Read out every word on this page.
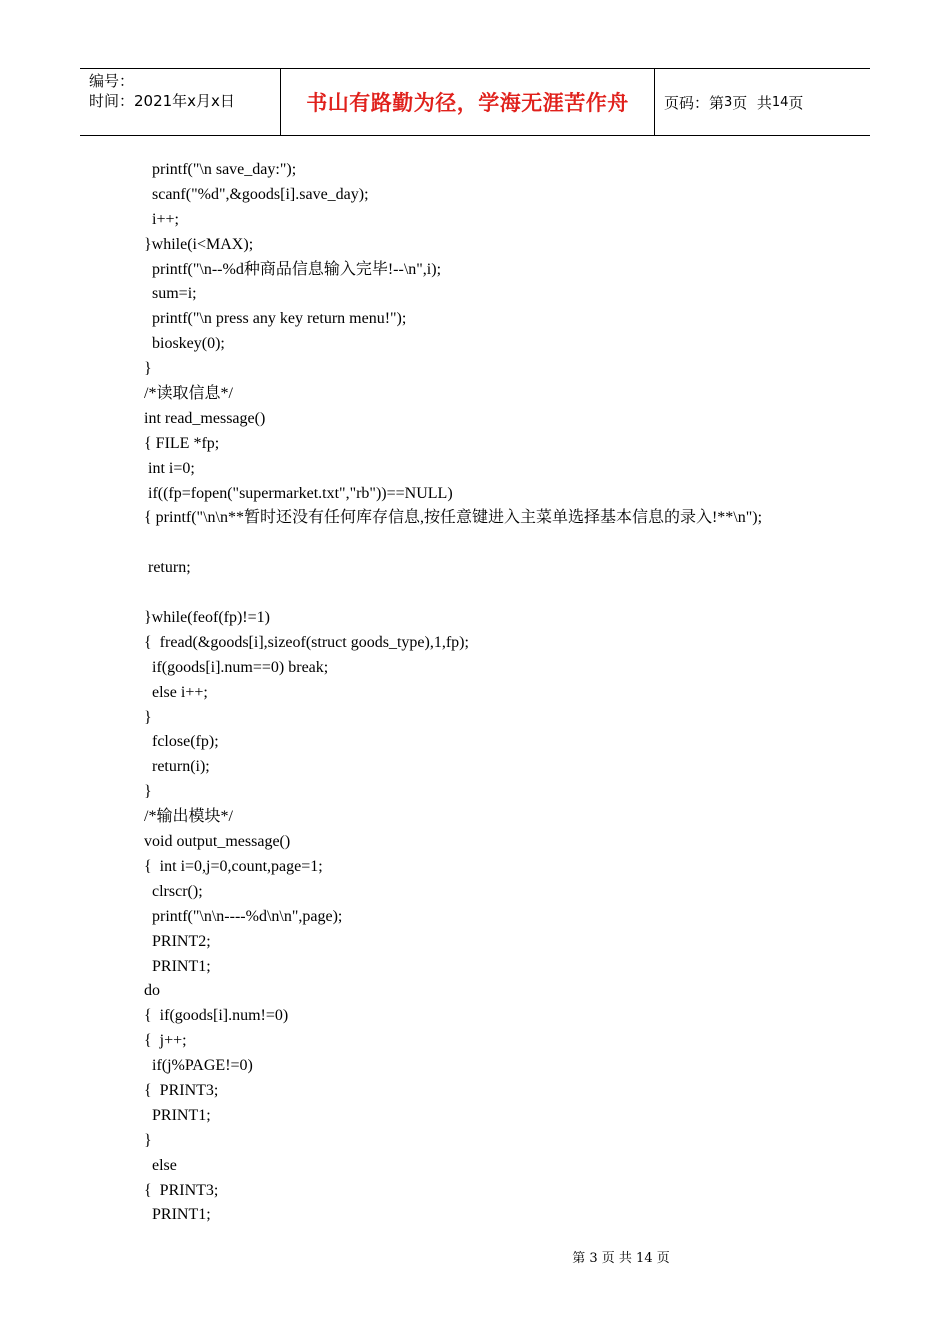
编号：
时间：2021年x月x日	书山有路勤为径，学海无涯苦作舟 页码：第 3 页  共 14 页
printf("\n save_day:");
scanf("%d",&goods[i].save_day);
i++;
}while(i<MAX);
printf("\n--%d种商品信息输入完毕!--\n",i);
sum=i;
printf("\n press any key return menu!");
bioskey(0);
}
/*读取信息*/
int read_message()
{ FILE *fp;
int i=0;
if((fp=fopen("supermarket.txt","rb"))==NULL)
{ printf("\n\n**暂时还没有任何库存信息,按任意键进入主菜单选择基本信息的录入!**\n");
return;
}while(feof(fp)!=1)
{  fread(&goods[i],sizeof(struct goods_type),1,fp);
if(goods[i].num==0) break;
else i++;
}
fclose(fp);
return(i);
}
/*输出模块*/
void output_message()
{  int i=0,j=0,count,page=1;
clrscr();
printf("\n\n----%d\n\n",page);
PRINT2;
PRINT1;
do
{  if(goods[i].num!=0)
{  j++;
if(j%PAGE!=0)
{  PRINT3;
PRINT1;
}
else
{  PRINT3;
PRINT1;
第 3 页 共 14 页
